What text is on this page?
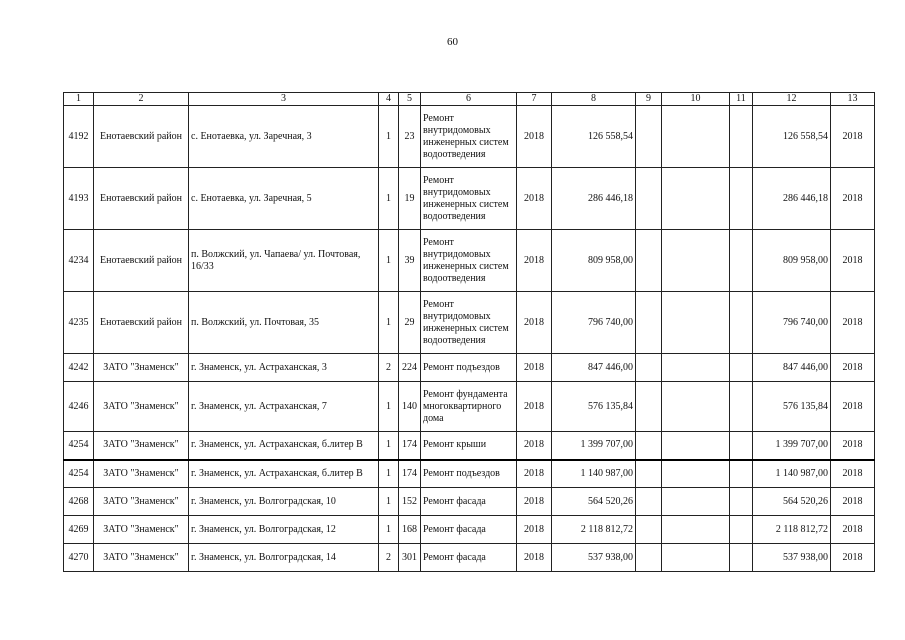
60
1	2	3	4	5	6	7	8	9	10	11	12	13
4192	Енотаевский район	с. Енотаевка, ул. Заречная, 3	1	23	Ремонт внутридомовых инженерных систем водоотведения	2018	126 558,54				126 558,54	2018
4193	Енотаевский район	с. Енотаевка, ул. Заречная, 5	1	19	Ремонт внутридомовых инженерных систем водоотведения	2018	286 446,18				286 446,18	2018
4234	Енотаевский район	п. Волжский, ул. Чапаева/ ул. Почтовая, 16/33	1	39	Ремонт внутридомовых инженерных систем водоотведения	2018	809 958,00				809 958,00	2018
4235	Енотаевский район	п. Волжский, ул. Почтовая, 35	1	29	Ремонт внутридомовых инженерных систем водоотведения	2018	796 740,00				796 740,00	2018
4242	ЗАТО "Знаменск"	г. Знаменск, ул. Астраханская, 3	2	224	Ремонт подъездов	2018	847 446,00				847 446,00	2018
4246	ЗАТО "Знаменск"	г. Знаменск, ул. Астраханская, 7	1	140	Ремонт фундамента многоквартирного дома	2018	576 135,84				576 135,84	2018
4254	ЗАТО "Знаменск"	г. Знаменск, ул. Астраханская, б.литер В	1	174	Ремонт крыши	2018	1 399 707,00				1 399 707,00	2018
4254	ЗАТО "Знаменск"	г. Знаменск, ул. Астраханская, б.литер В	1	174	Ремонт подъездов	2018	1 140 987,00				1 140 987,00	2018
4268	ЗАТО "Знаменск"	г. Знаменск, ул. Волгоградская, 10	1	152	Ремонт фасада	2018	564 520,26				564 520,26	2018
4269	ЗАТО "Знаменск"	г. Знаменск, ул. Волгоградская, 12	1	168	Ремонт фасада	2018	2 118 812,72				2 118 812,72	2018
4270	ЗАТО "Знаменск"	г. Знаменск, ул. Волгоградская, 14	2	301	Ремонт фасада	2018	537 938,00				537 938,00	2018
